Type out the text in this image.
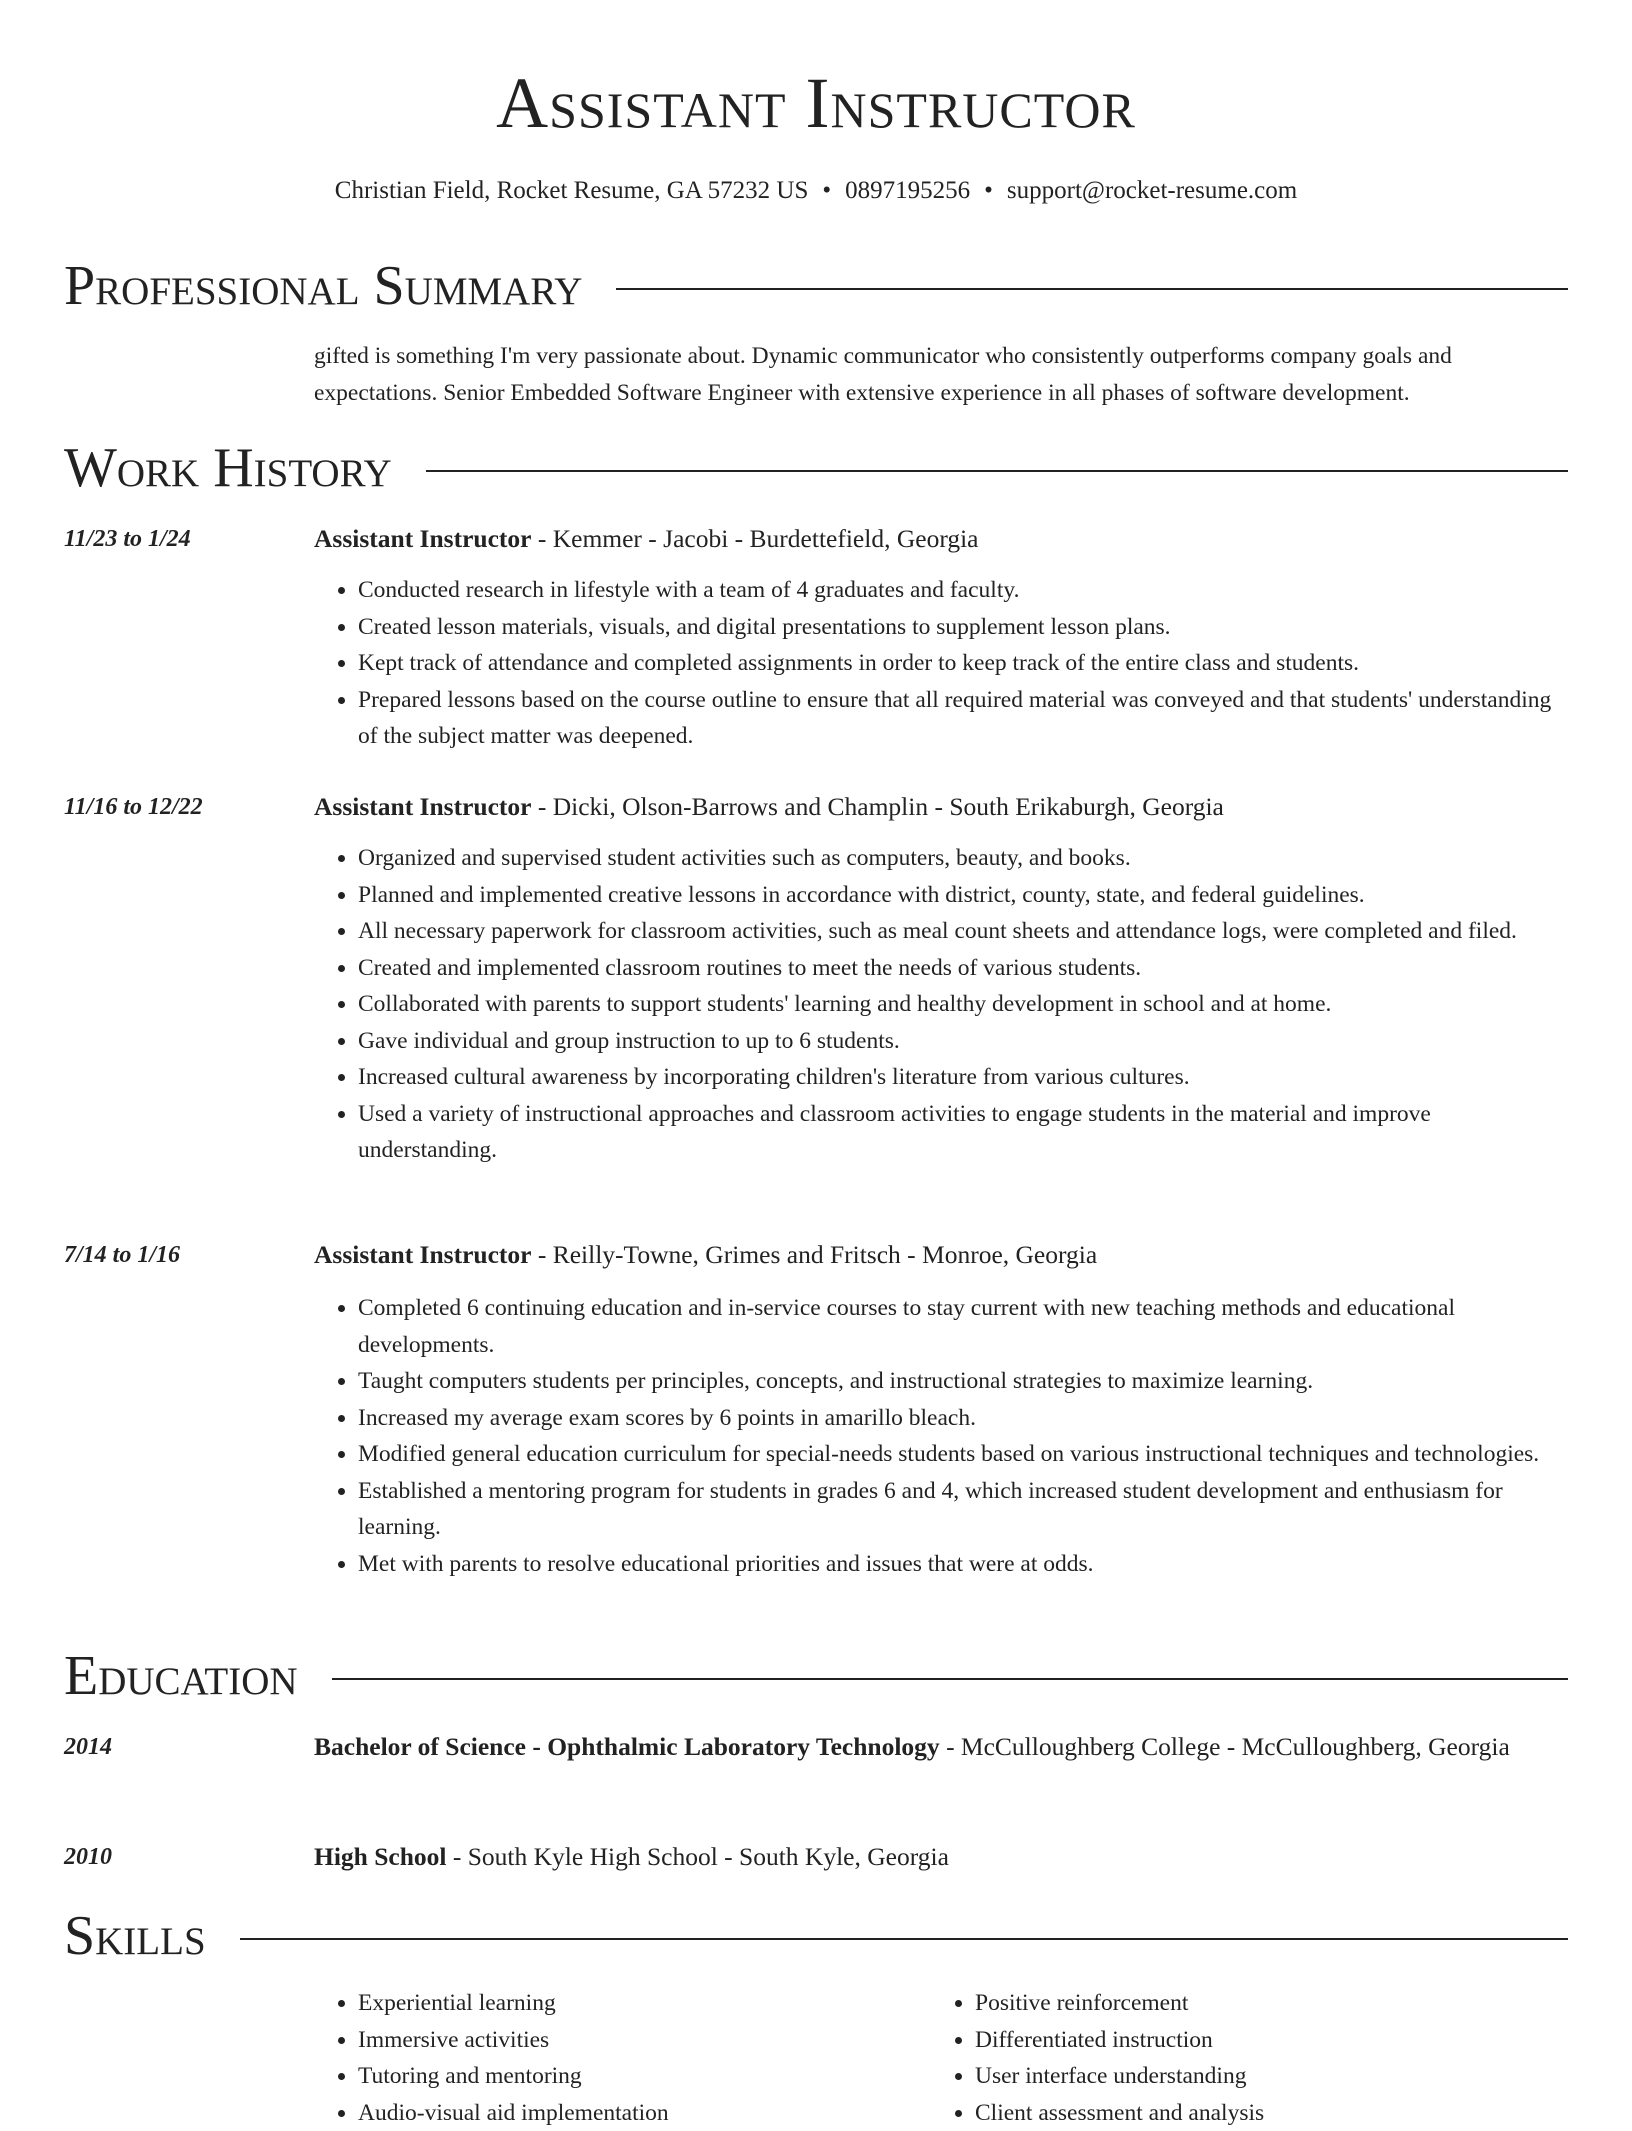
Assistant Instructor
Christian Field, Rocket Resume, GA 57232 US • 0897195256 • support@rocket-resume.com
Professional Summary
gifted is something I'm very passionate about. Dynamic communicator who consistently outperforms company goals and expectations. Senior Embedded Software Engineer with extensive experience in all phases of software development.
Work History
11/23 to 1/24	Assistant Instructor - Kemmer - Jacobi - Burdettefield, Georgia
• Conducted research in lifestyle with a team of 4 graduates and faculty.
• Created lesson materials, visuals, and digital presentations to supplement lesson plans.
• Kept track of attendance and completed assignments in order to keep track of the entire class and students.
• Prepared lessons based on the course outline to ensure that all required material was conveyed and that students' understanding of the subject matter was deepened.
11/16 to 12/22	Assistant Instructor - Dicki, Olson-Barrows and Champlin - South Erikaburgh, Georgia
• Organized and supervised student activities such as computers, beauty, and books.
• Planned and implemented creative lessons in accordance with district, county, state, and federal guidelines.
• All necessary paperwork for classroom activities, such as meal count sheets and attendance logs, were completed and filed.
• Created and implemented classroom routines to meet the needs of various students.
• Collaborated with parents to support students' learning and healthy development in school and at home.
• Gave individual and group instruction to up to 6 students.
• Increased cultural awareness by incorporating children's literature from various cultures.
• Used a variety of instructional approaches and classroom activities to engage students in the material and improve understanding.
7/14 to 1/16	Assistant Instructor - Reilly-Towne, Grimes and Fritsch - Monroe, Georgia
• Completed 6 continuing education and in-service courses to stay current with new teaching methods and educational developments.
• Taught computers students per principles, concepts, and instructional strategies to maximize learning.
• Increased my average exam scores by 6 points in amarillo bleach.
• Modified general education curriculum for special-needs students based on various instructional techniques and technologies.
• Established a mentoring program for students in grades 6 and 4, which increased student development and enthusiasm for learning.
• Met with parents to resolve educational priorities and issues that were at odds.
Education
2014	Bachelor of Science - Ophthalmic Laboratory Technology - McCulloughberg College - McCulloughberg, Georgia
2010	High School - South Kyle High School - South Kyle, Georgia
Skills
• Experiential learning
• Immersive activities
• Tutoring and mentoring
• Audio-visual aid implementation
• Positive reinforcement
• Differentiated instruction
• User interface understanding
• Client assessment and analysis
